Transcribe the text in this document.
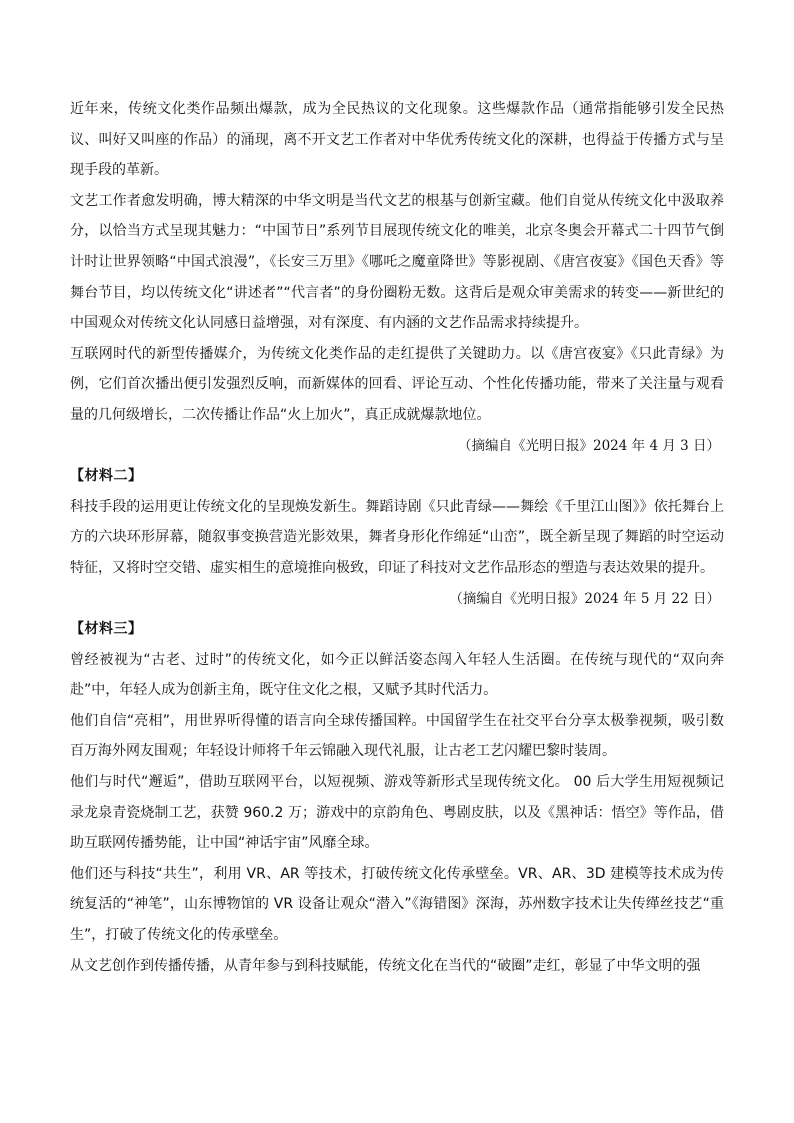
近年来，传统文化类作品频出爆款，成为全民热议的文化现象。这些爆款作品（通常指能够引发全民热议、叫好又叫座的作品）的涌现，离不开文艺工作者对中华优秀传统文化的深耕，也得益于传播方式与呈现手段的革新。

文艺工作者愈发明确，博大精深的中华文明是当代文艺的根基与创新宝藏。他们自觉从传统文化中汲取养分，以恰当方式呈现其魅力：“中国节日”系列节目展现传统文化的唯美，北京冬奥会开幕式二十四节气倒计时让世界领略“中国式浪漫”，《长安三万里》《哪吒之魔童降世》等影视剧、《唐宫夜宴》《国色天香》等舞台节目，均以传统文化“讲述者”“代言者”的身份圈粉无数。这背后是观众审美需求的转变——新世纪的中国观众对传统文化认同感日益增强，对有深度、有内涵的文艺作品需求持续提升。

互联网时代的新型传播媒介，为传统文化类作品的走红提供了关键助力。以《唐宫夜宴》《只此青绿》为例，它们首次播出便引发强烈反响，而新媒体的回看、评论互动、个性化传播功能，带来了关注量与观看量的几何级增长，二次传播让作品“火上加火”，真正成就爆款地位。

（摘编自《光明日报》2024 年 4 月 3 日）

【材料二】

科技手段的运用更让传统文化的呈现焕发新生。舞蹈诗剧《只此青绿——舞绘《千里江山图》》依托舞台上方的六块环形屏幕，随叙事变换营造光影效果，舞者身形化作绵延“山峦”，既全新呈现了舞蹈的时空运动特征，又将时空交错、虚实相生的意境推向极致，印证了科技对文艺作品形态的塑造与表达效果的提升。

（摘编自《光明日报》2024 年 5 月 22 日）

【材料三】

曾经被视为“古老、过时”的传统文化，如今正以鲜活姿态闯入年轻人生活圈。在传统与现代的“双向奔赴”中，年轻人成为创新主角，既守住文化之根，又赋予其时代活力。

他们自信“亮相”，用世界听得懂的语言向全球传播国粹。中国留学生在社交平台分享太极拳视频，吸引数百万海外网友围观；年轻设计师将千年云锦融入现代礼服，让古老工艺闪耀巴黎时装周。

他们与时代“邂逅”，借助互联网平台，以短视频、游戏等新形式呈现传统文化。 00 后大学生用短视频记录龙泉青瓷烧制工艺，获赞 960.2 万；游戏中的京韵角色、粤剧皮肤，以及《黑神话：悟空》等作品，借助互联网传播势能，让中国“神话宇宙”风靡全球。

他们还与科技“共生”，利用 VR、AR 等技术，打破传统文化传承壁垒。VR、AR、3D 建模等技术成为传统复活的“神笔”，山东博物馆的 VR 设备让观众“潜入”《海错图》深海，苏州数字技术让失传缂丝技艺“重生”，打破了传统文化的传承壁垒。

从文艺创作到传播传播，从青年参与到科技赋能，传统文化在当代的“破圈”走红，彰显了中华文明的强
